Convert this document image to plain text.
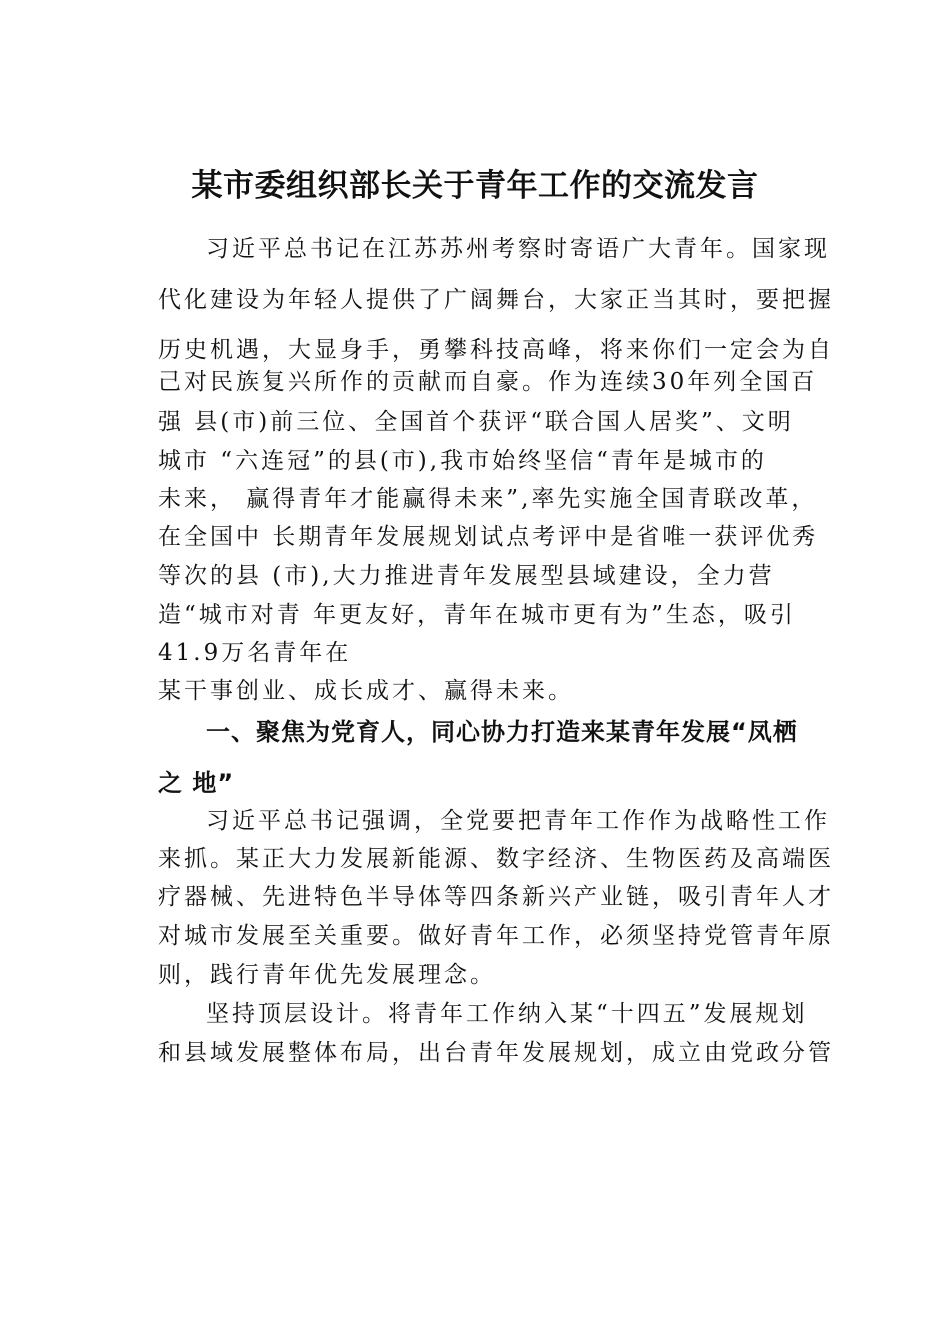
某市委组织部长关于青年工作的交流发言
习近平总书记在江苏苏州考察时寄语广大青年。国家现
代化建设为年轻人提供了广阔舞台，大家正当其时，要把握
历史机遇，大显身手，勇攀科技高峰，将来你们一定会为自
己对民族复兴所作的贡献而自豪。作为连续30年列全国百
强 县(市)前三位、全国首个获评“联合国人居奖”、文明
城市 “六连冠”的县(市),我市始终坚信“青年是城市的
未来， 赢得青年才能赢得未来”,率先实施全国青联改革，
在全国中 长期青年发展规划试点考评中是省唯一获评优秀
等次的县 (市),大力推进青年发展型县域建设，全力营
造“城市对青 年更友好，青年在城市更有为”生态，吸引
41.9万名青年在
某干事创业、成长成才、赢得未来。
一、聚焦为党育人，同心协力打造来某青年发展“凤栖
之 地”
习近平总书记强调，全党要把青年工作作为战略性工作
来抓。某正大力发展新能源、数字经济、生物医药及高端医
疗器械、先进特色半导体等四条新兴产业链，吸引青年人才
对城市发展至关重要。做好青年工作，必须坚持党管青年原
则，践行青年优先发展理念。
坚持顶层设计。将青年工作纳入某“十四五”发展规划
和县域发展整体布局，出台青年发展规划，成立由党政分管
